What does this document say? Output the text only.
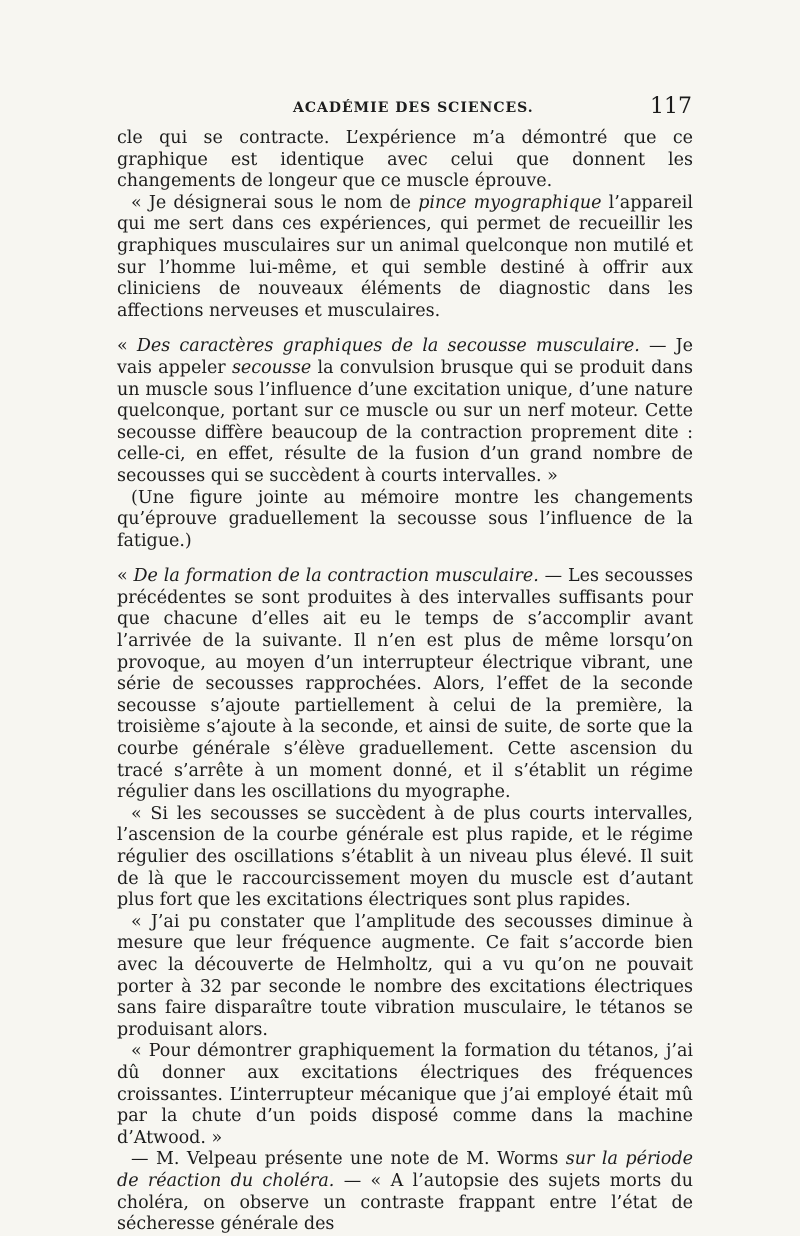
ACADÉMIE DES SCIENCES.	117

cle qui se contracte. L’expérience m’a démontré que ce graphique est identique avec celui que donnent les changements de longeur que ce muscle éprouve.

« Je désignerai sous le nom de pince myographique l’appareil qui me sert dans ces expériences, qui permet de recueillir les graphiques musculaires sur un animal quelconque non mutilé et sur l’homme lui-même, et qui semble destiné à offrir aux cliniciens de nouveaux éléments de diagnostic dans les affections nerveuses et musculaires.

« Des caractères graphiques de la secousse musculaire. — Je vais appeler secousse la convulsion brusque qui se produit dans un muscle sous l’influence d’une excitation unique, d’une nature quelconque, portant sur ce muscle ou sur un nerf moteur. Cette secousse diffère beaucoup de la contraction proprement dite : celle-ci, en effet, résulte de la fusion d’un grand nombre de secousses qui se succèdent à courts intervalles. »

(Une figure jointe au mémoire montre les changements qu’éprouve graduellement la secousse sous l’influence de la fatigue.)

« De la formation de la contraction musculaire. — Les secousses précédentes se sont produites à des intervalles suffisants pour que chacune d’elles ait eu le temps de s’accomplir avant l’arrivée de la suivante. Il n’en est plus de même lorsqu’on provoque, au moyen d’un interrupteur électrique vibrant, une série de secousses rapprochées. Alors, l’effet de la seconde secousse s’ajoute partiellement à celui de la première, la troisième s’ajoute à la seconde, et ainsi de suite, de sorte que la courbe générale s’élève graduellement. Cette ascension du tracé s’arrête à un moment donné, et il s’établit un régime régulier dans les oscillations du myographe.

« Si les secousses se succèdent à de plus courts intervalles, l’ascension de la courbe générale est plus rapide, et le régime régulier des oscillations s’établit à un niveau plus élevé. Il suit de là que le raccourcissement moyen du muscle est d’autant plus fort que les excitations électriques sont plus rapides.

« J’ai pu constater que l’amplitude des secousses diminue à mesure que leur fréquence augmente. Ce fait s’accorde bien avec la découverte de Helmholtz, qui a vu qu’on ne pouvait porter à 32 par seconde le nombre des excitations électriques sans faire disparaître toute vibration musculaire, le tétanos se produisant alors.

« Pour démontrer graphiquement la formation du tétanos, j’ai dû donner aux excitations électriques des fréquences croissantes. L’interrupteur mécanique que j’ai employé était mû par la chute d’un poids disposé comme dans la machine d’Atwood. »

— M. Velpeau présente une note de M. Worms sur la période de réaction du choléra. — « A l’autopsie des sujets morts du choléra, on observe un contraste frappant entre l’état de sécheresse générale des
